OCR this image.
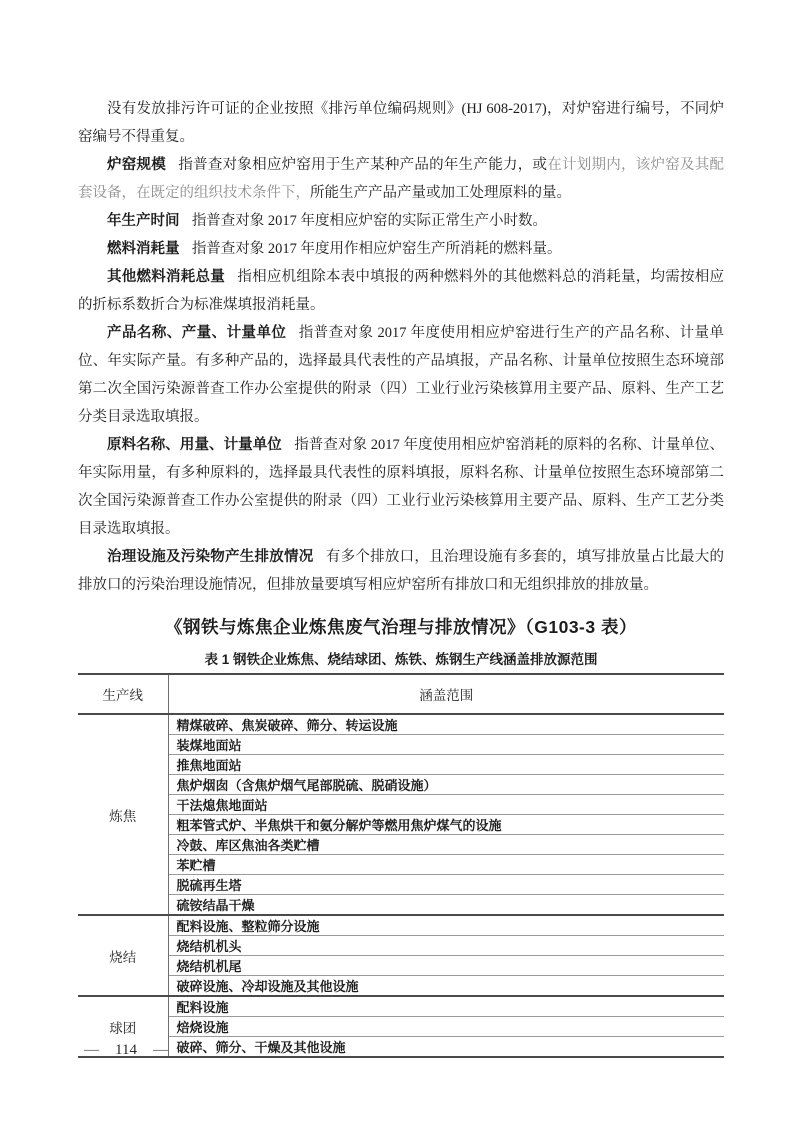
没有发放排污许可证的企业按照《排污单位编码规则》(HJ 608-2017)，对炉窑进行编号，不同炉窑编号不得重复。

炉窑规模 指普查对象相应炉窑用于生产某种产品的年生产能力，或在计划期内，该炉窑及其配套设备，在既定的组织技术条件下，所能生产产品产量或加工处理原料的量。

年生产时间 指普查对象 2017 年度相应炉窑的实际正常生产小时数。

燃料消耗量 指普查对象 2017 年度用作相应炉窑生产所消耗的燃料量。

其他燃料消耗总量 指相应机组除本表中填报的两种燃料外的其他燃料总的消耗量，均需按相应的折标系数折合为标准煤填报消耗量。

产品名称、产量、计量单位 指普查对象 2017 年度使用相应炉窑进行生产的产品名称、计量单位、年实际产量。有多种产品的，选择最具代表性的产品填报，产品名称、计量单位按照生态环境部第二次全国污染源普查工作办公室提供的附录（四）工业行业污染核算用主要产品、原料、生产工艺分类目录选取填报。

原料名称、用量、计量单位 指普查对象 2017 年度使用相应炉窑消耗的原料的名称、计量单位、年实际用量，有多种原料的，选择最具代表性的原料填报，原料名称、计量单位按照生态环境部第二次全国污染源普查工作办公室提供的附录（四）工业行业污染核算用主要产品、原料、生产工艺分类目录选取填报。

治理设施及污染物产生排放情况 有多个排放口，且治理设施有多套的，填写排放量占比最大的排放口的污染治理设施情况，但排放量要填写相应炉窑所有排放口和无组织排放的排放量。

《钢铁与炼焦企业炼焦废气治理与排放情况》（G103-3 表）
表 1 钢铁企业炼焦、烧结球团、炼铁、炼钢生产线涵盖排放源范围
生产线	涵盖范围
炼焦	精煤破碎、焦炭破碎、筛分、转运设施
	装煤地面站
	推焦地面站
	焦炉烟囱（含焦炉烟气尾部脱硫、脱硝设施）
	干法熄焦地面站
	粗苯管式炉、半焦烘干和氨分解炉等燃用焦炉煤气的设施
	冷鼓、库区焦油各类贮槽
	苯贮槽
	脱硫再生塔
	硫铵结晶干燥
烧结	配料设施、整粒筛分设施
	烧结机机头
	烧结机机尾
	破碎设施、冷却设施及其他设施
球团	配料设施
	焙烧设施
	破碎、筛分、干燥及其他设施
— 114 —
